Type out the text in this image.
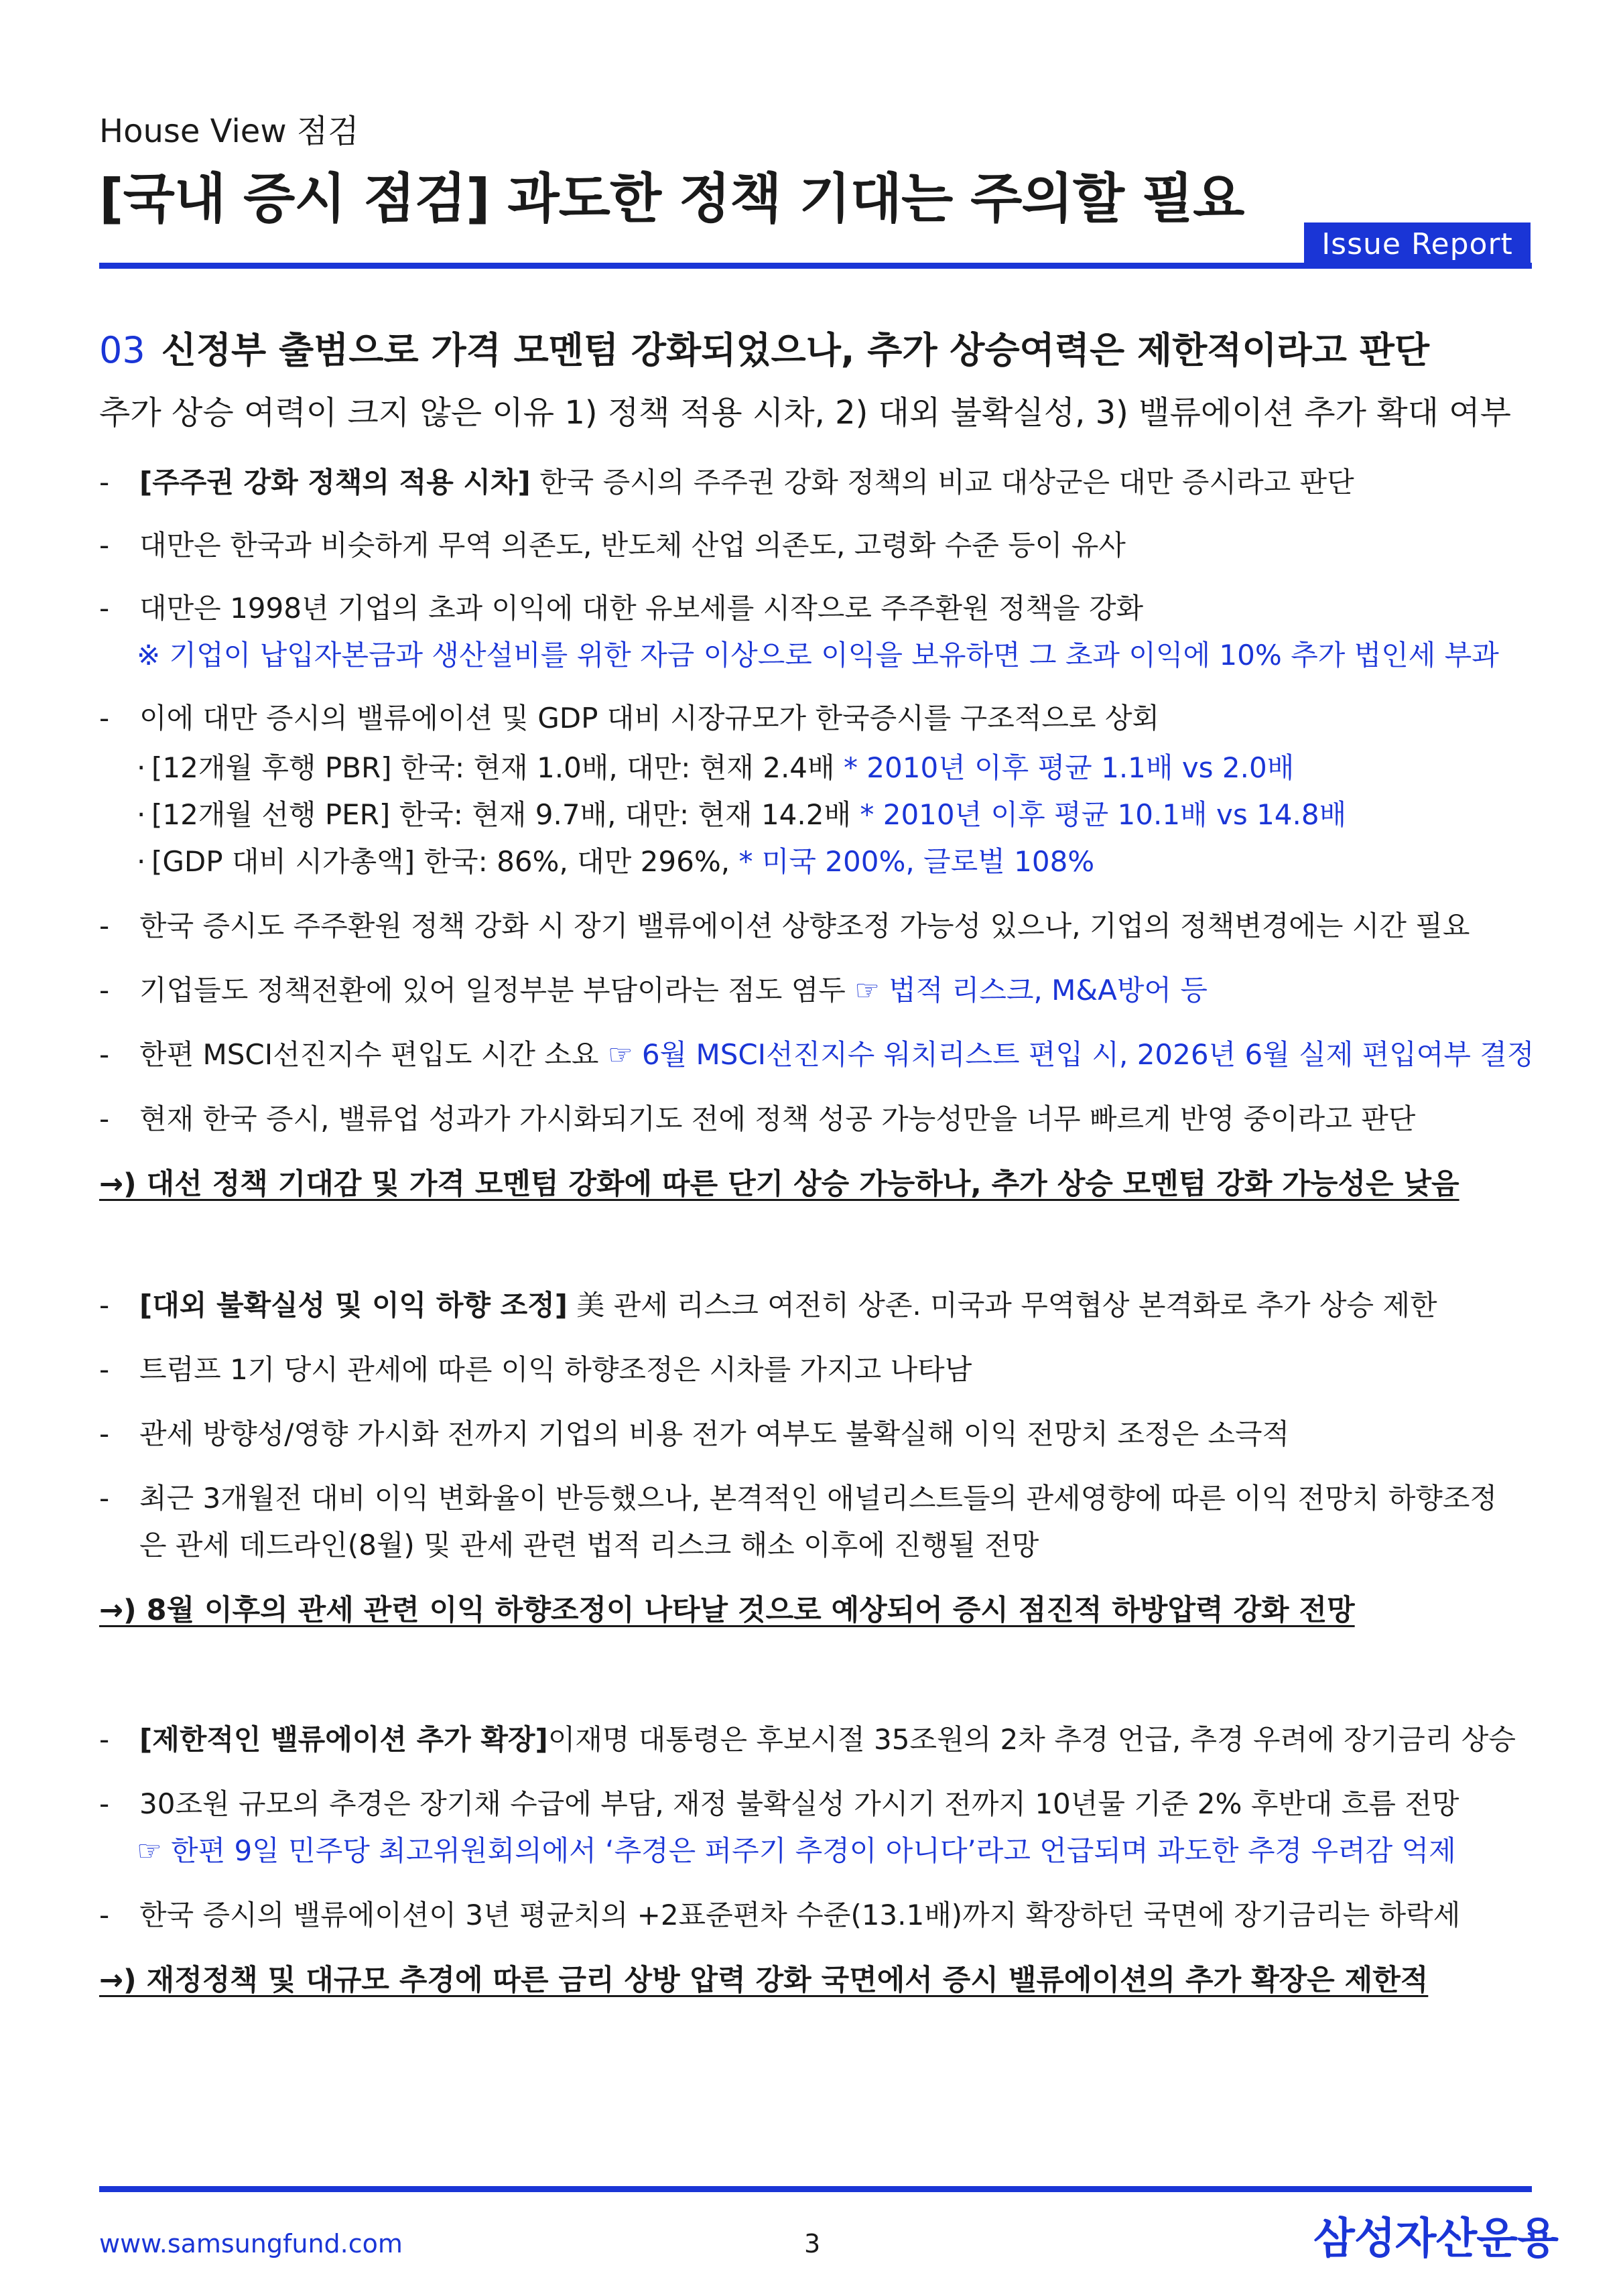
House View 점검
[국내 증시 점검] 과도한 정책 기대는 주의할 필요
Issue Report
03 신정부 출범으로 가격 모멘텀 강화되었으나, 추가 상승여력은 제한적이라고 판단
추가 상승 여력이 크지 않은 이유 1) 정책 적용 시차, 2) 대외 불확실성, 3) 밸류에이션 추가 확대 여부
- [주주권 강화 정책의 적용 시차] 한국 증시의 주주권 강화 정책의 비교 대상군은 대만 증시라고 판단
- 대만은 한국과 비슷하게 무역 의존도, 반도체 산업 의존도, 고령화 수준 등이 유사
- 대만은 1998년 기업의 초과 이익에 대한 유보세를 시작으로 주주환원 정책을 강화
※ 기업이 납입자본금과 생산설비를 위한 자금 이상으로 이익을 보유하면 그 초과 이익에 10% 추가 법인세 부과
- 이에 대만 증시의 밸류에이션 및 GDP 대비 시장규모가 한국증시를 구조적으로 상회
· [12개월 후행 PBR] 한국: 현재 1.0배, 대만: 현재 2.4배 * 2010년 이후 평균 1.1배 vs 2.0배
· [12개월 선행 PER] 한국: 현재 9.7배, 대만: 현재 14.2배 * 2010년 이후 평균 10.1배 vs 14.8배
· [GDP 대비 시가총액] 한국: 86%, 대만 296%, * 미국 200%, 글로벌 108%
- 한국 증시도 주주환원 정책 강화 시 장기 밸류에이션 상향조정 가능성 있으나, 기업의 정책변경에는 시간 필요
- 기업들도 정책전환에 있어 일정부분 부담이라는 점도 염두 ☞ 법적 리스크, M&A방어 등
- 한편 MSCI선진지수 편입도 시간 소요 ☞ 6월 MSCI선진지수 워치리스트 편입 시, 2026년 6월 실제 편입여부 결정
- 현재 한국 증시, 밸류업 성과가 가시화되기도 전에 정책 성공 가능성만을 너무 빠르게 반영 중이라고 판단
→) 대선 정책 기대감 및 가격 모멘텀 강화에 따른 단기 상승 가능하나, 추가 상승 모멘텀 강화 가능성은 낮음
- [대외 불확실성 및 이익 하향 조정] 美 관세 리스크 여전히 상존. 미국과 무역협상 본격화로 추가 상승 제한
- 트럼프 1기 당시 관세에 따른 이익 하향조정은 시차를 가지고 나타남
- 관세 방향성/영향 가시화 전까지 기업의 비용 전가 여부도 불확실해 이익 전망치 조정은 소극적
- 최근 3개월전 대비 이익 변화율이 반등했으나, 본격적인 애널리스트들의 관세영향에 따른 이익 전망치 하향조정
은 관세 데드라인(8월) 및 관세 관련 법적 리스크 해소 이후에 진행될 전망
→) 8월 이후의 관세 관련 이익 하향조정이 나타날 것으로 예상되어 증시 점진적 하방압력 강화 전망
- [제한적인 밸류에이션 추가 확장]이재명 대통령은 후보시절 35조원의 2차 추경 언급, 추경 우려에 장기금리 상승
- 30조원 규모의 추경은 장기채 수급에 부담, 재정 불확실성 가시기 전까지 10년물 기준 2% 후반대 흐름 전망
☞ 한편 9일 민주당 최고위원회의에서 ‘추경은 퍼주기 추경이 아니다’라고 언급되며 과도한 추경 우려감 억제
- 한국 증시의 밸류에이션이 3년 평균치의 +2표준편차 수준(13.1배)까지 확장하던 국면에 장기금리는 하락세
→) 재정정책 및 대규모 추경에 따른 금리 상방 압력 강화 국면에서 증시 밸류에이션의 추가 확장은 제한적
www.samsungfund.com	3	삼성자산운용
